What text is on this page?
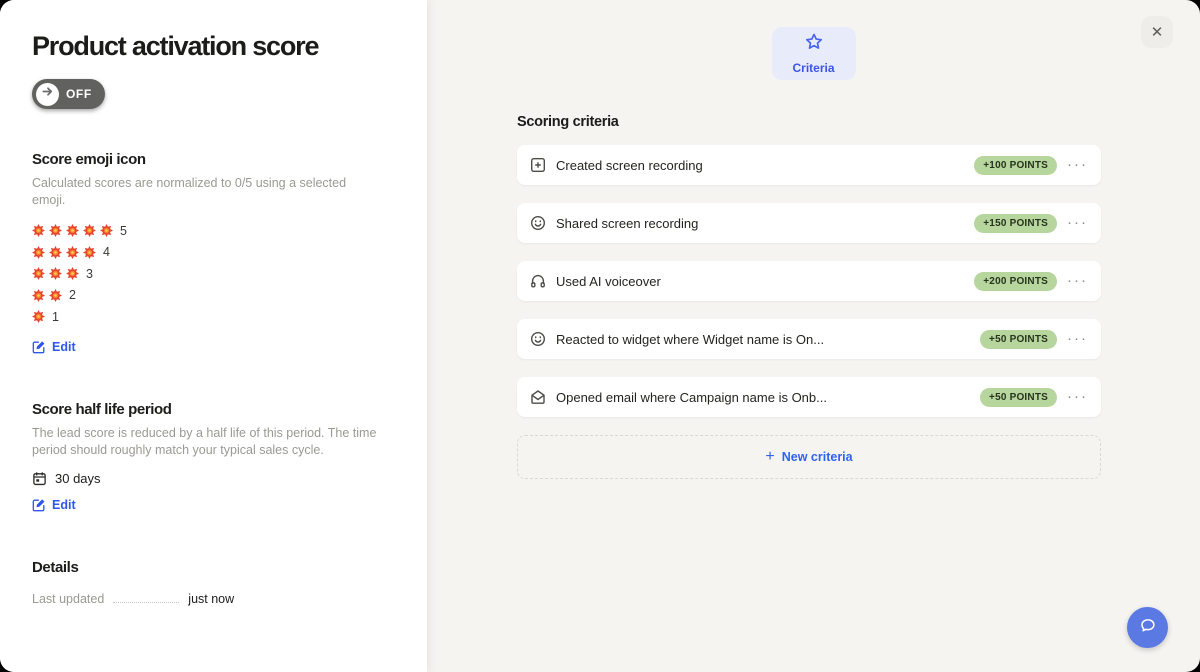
Product activation score
OFF
Score emoji icon

Calculated scores are normalized to 0/5 using a selected emoji.

5
4
3
2
1
Edit
Score half life period

The lead score is reduced by a half life of this period. The time period should roughly match your typical sales cycle.

30 days
Edit
Details
Last updated	just now
Criteria
Scoring criteria
Created screen recording	+100 POINTS	···
Shared screen recording	+150 POINTS	···
Used AI voiceover	+200 POINTS	···
Reacted to widget where Widget name is On...	+50 POINTS	···
Opened email where Campaign name is Onb...	+50 POINTS	···
+ New criteria
✕
